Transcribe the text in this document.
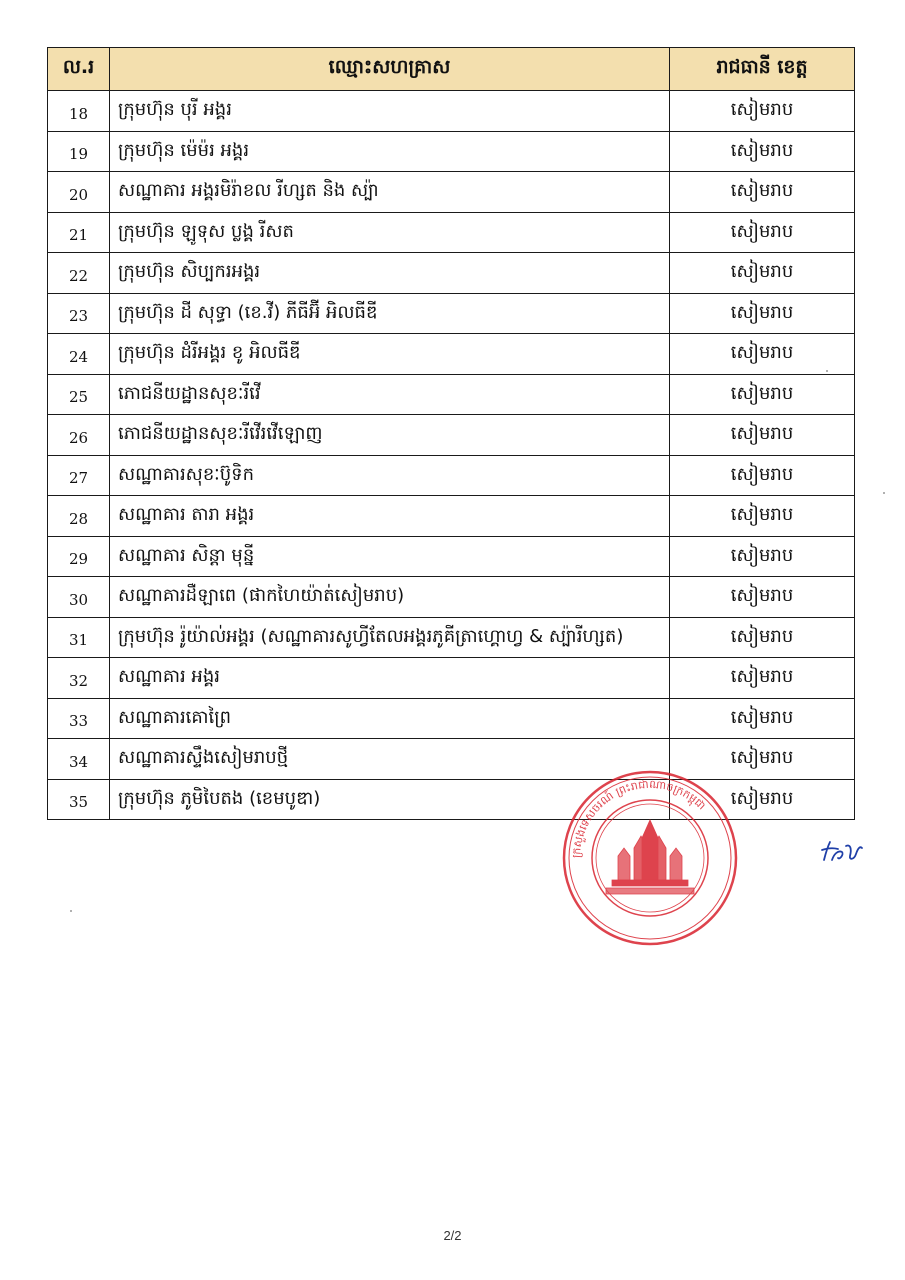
ល.រ	ឈ្មោះសហគ្រាស	រាជធានី ខេត្ត
18	ក្រុមហ៊ុន បុរី អង្គរ	សៀមរាប
19	ក្រុមហ៊ុន ម៉េម៉រ អង្គរ	សៀមរាប
20	សណ្ឋាគារ អង្គរមិរ៉ាខល រីហ្សត និង ស្ប៉ា	សៀមរាប
21	ក្រុមហ៊ុន ឡូទុស ប្លង្គ រីសត	សៀមរាប
22	ក្រុមហ៊ុន សិប្បករអង្គរ	សៀមរាប
23	ក្រុមហ៊ុន ដី សុទ្ធា (ខេ.វី) ភីធីអ៊ី អិលធីឌី	សៀមរាប
24	ក្រុមហ៊ុន ដំរីអង្គរ ខូ អិលធីឌី	សៀមរាប
25	ភោជនីយដ្ឋានសុខៈរីវើ	សៀមរាប
26	ភោជនីយដ្ឋានសុខៈរីវើរវើឡោញ	សៀមរាប
27	សណ្ឋាគារសុខៈប៊ូទិក	សៀមរាប
28	សណ្ឋាគារ តារា អង្គរ	សៀមរាប
29	សណ្ឋាគារ សិន្តា មុន្នី	សៀមរាប
30	សណ្ឋាគារដឺឡាពេ (ផាកហៃយ៉ាត់សៀមរាប)	សៀមរាប
31	ក្រុមហ៊ុន រ៉ូយ៉ាល់អង្គរ (សណ្ឋាគារសូហ្វីតែលអង្គរភូគីត្រាហ្គោហ្វ & ស្ប៉ារីហ្សត)	សៀមរាប
32	សណ្ឋាគារ អង្គរ	សៀមរាប
33	សណ្ឋាគារគោព្រៃ	សៀមរាប
34	សណ្ឋាគារស្ទឹងសៀមរាបថ្មី	សៀមរាប
35	ក្រុមហ៊ុន ភូមិបៃតង (ខេមបូឌា)	សៀមរាប
ក្រសួងទេសចរណ៍ ព្រះរាជាណាចក្រកម្ពុជា
2/2
